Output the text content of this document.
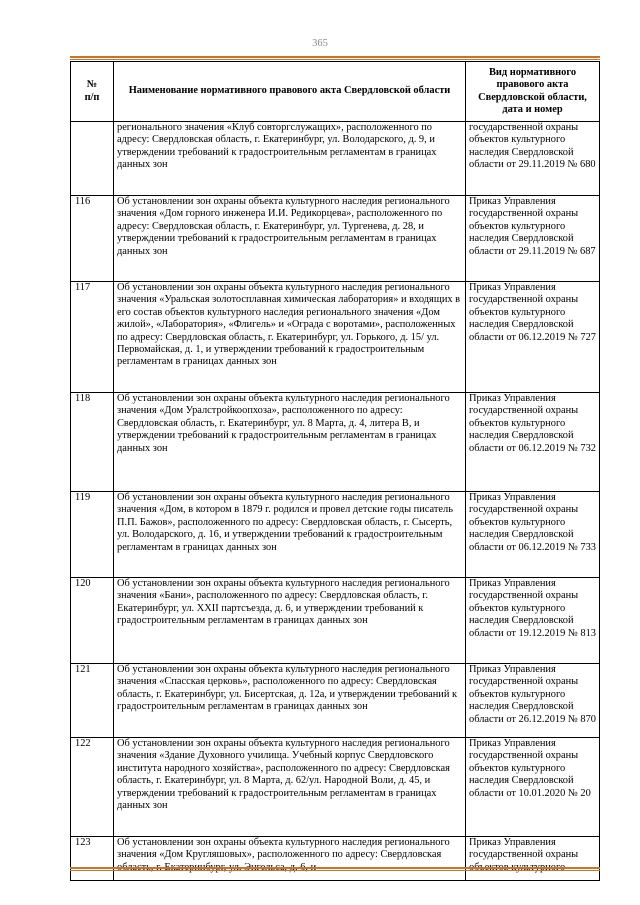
365
№
п/п	Наименование нормативного правового акта Свердловской области	Вид нормативного правового акта Свердловской области, дата и номер
	регионального значения «Клуб совторгслужащих», расположенного по адресу: Свердловская область, г. Екатеринбург, ул. Володарского, д. 9, и утверждении требований к градостроительным регламентам в границах данных зон	государственной охраны объектов культурного наследия Свердловской области от 29.11.2019 № 680
116	Об установлении зон охраны объекта культурного наследия регионального значения «Дом горного инженера И.И. Редикорцева», расположенного по адресу: Свердловская область, г. Екатеринбург, ул. Тургенева, д. 28, и утверждении требований к градостроительным регламентам в границах данных зон	Приказ Управления государственной охраны объектов культурного наследия Свердловской области от 29.11.2019 № 687
117	Об установлении зон охраны объекта культурного наследия регионального значения «Уральская золотосплавная химическая лаборатория» и входящих в его состав объектов культурного наследия регионального значения «Дом жилой», «Лаборатория», «Флигель» и «Ограда с воротами», расположенных по адресу: Свердловская область, г. Екатеринбург, ул. Горького, д. 15/ ул. Первомайская, д. 1, и утверждении требований к градостроительным регламентам в границах данных зон	Приказ Управления государственной охраны объектов культурного наследия Свердловской области от 06.12.2019 № 727
118	Об установлении зон охраны объекта культурного наследия регионального значения «Дом Уралстройкоопхоза», расположенного по адресу: Свердловская область, г. Екатеринбург, ул. 8 Марта, д. 4, литера В, и утверждении требований к градостроительным регламентам в границах данных зон	Приказ Управления государственной охраны объектов культурного наследия Свердловской области от 06.12.2019 № 732
119	Об установлении зон охраны объекта культурного наследия регионального значения «Дом, в котором в 1879 г. родился и провел детские годы писатель П.П. Бажов», расположенного по адресу: Свердловская область, г. Сысерть, ул. Володарского, д. 16, и утверждении требований к градостроительным регламентам в границах данных зон	Приказ Управления государственной охраны объектов культурного наследия Свердловской области от 06.12.2019 № 733
120	Об установлении зон охраны объекта культурного наследия регионального значения «Бани», расположенного по адресу: Свердловская область, г. Екатеринбург, ул. XXII партсъезда, д. 6, и утверждении требований к градостроительным регламентам в границах данных зон	Приказ Управления государственной охраны объектов культурного наследия Свердловской области от 19.12.2019 № 813
121	Об установлении зон охраны объекта культурного наследия регионального значения «Спасская церковь», расположенного по адресу: Свердловская область, г. Екатеринбург, ул. Бисертская, д. 12а, и утверждении требований к градостроительным регламентам в границах данных зон	Приказ Управления государственной охраны объектов культурного наследия Свердловской области от 26.12.2019 № 870
122	Об установлении зон охраны объекта культурного наследия регионального значения «Здание Духовного училища. Учебный корпус Свердловского института народного хозяйства», расположенного по адресу: Свердловская область, г. Екатеринбург, ул. 8 Марта, д. 62/ул. Народной Воли, д. 45, и утверждении требований к градостроительным регламентам в границах данных зон	Приказ Управления государственной охраны объектов культурного наследия Свердловской области от 10.01.2020 № 20
123	Об установлении зон охраны объекта культурного наследия регионального значения «Дом Кругляшовых», расположенного по адресу: Свердловская	Приказ Управления государственной охраны
